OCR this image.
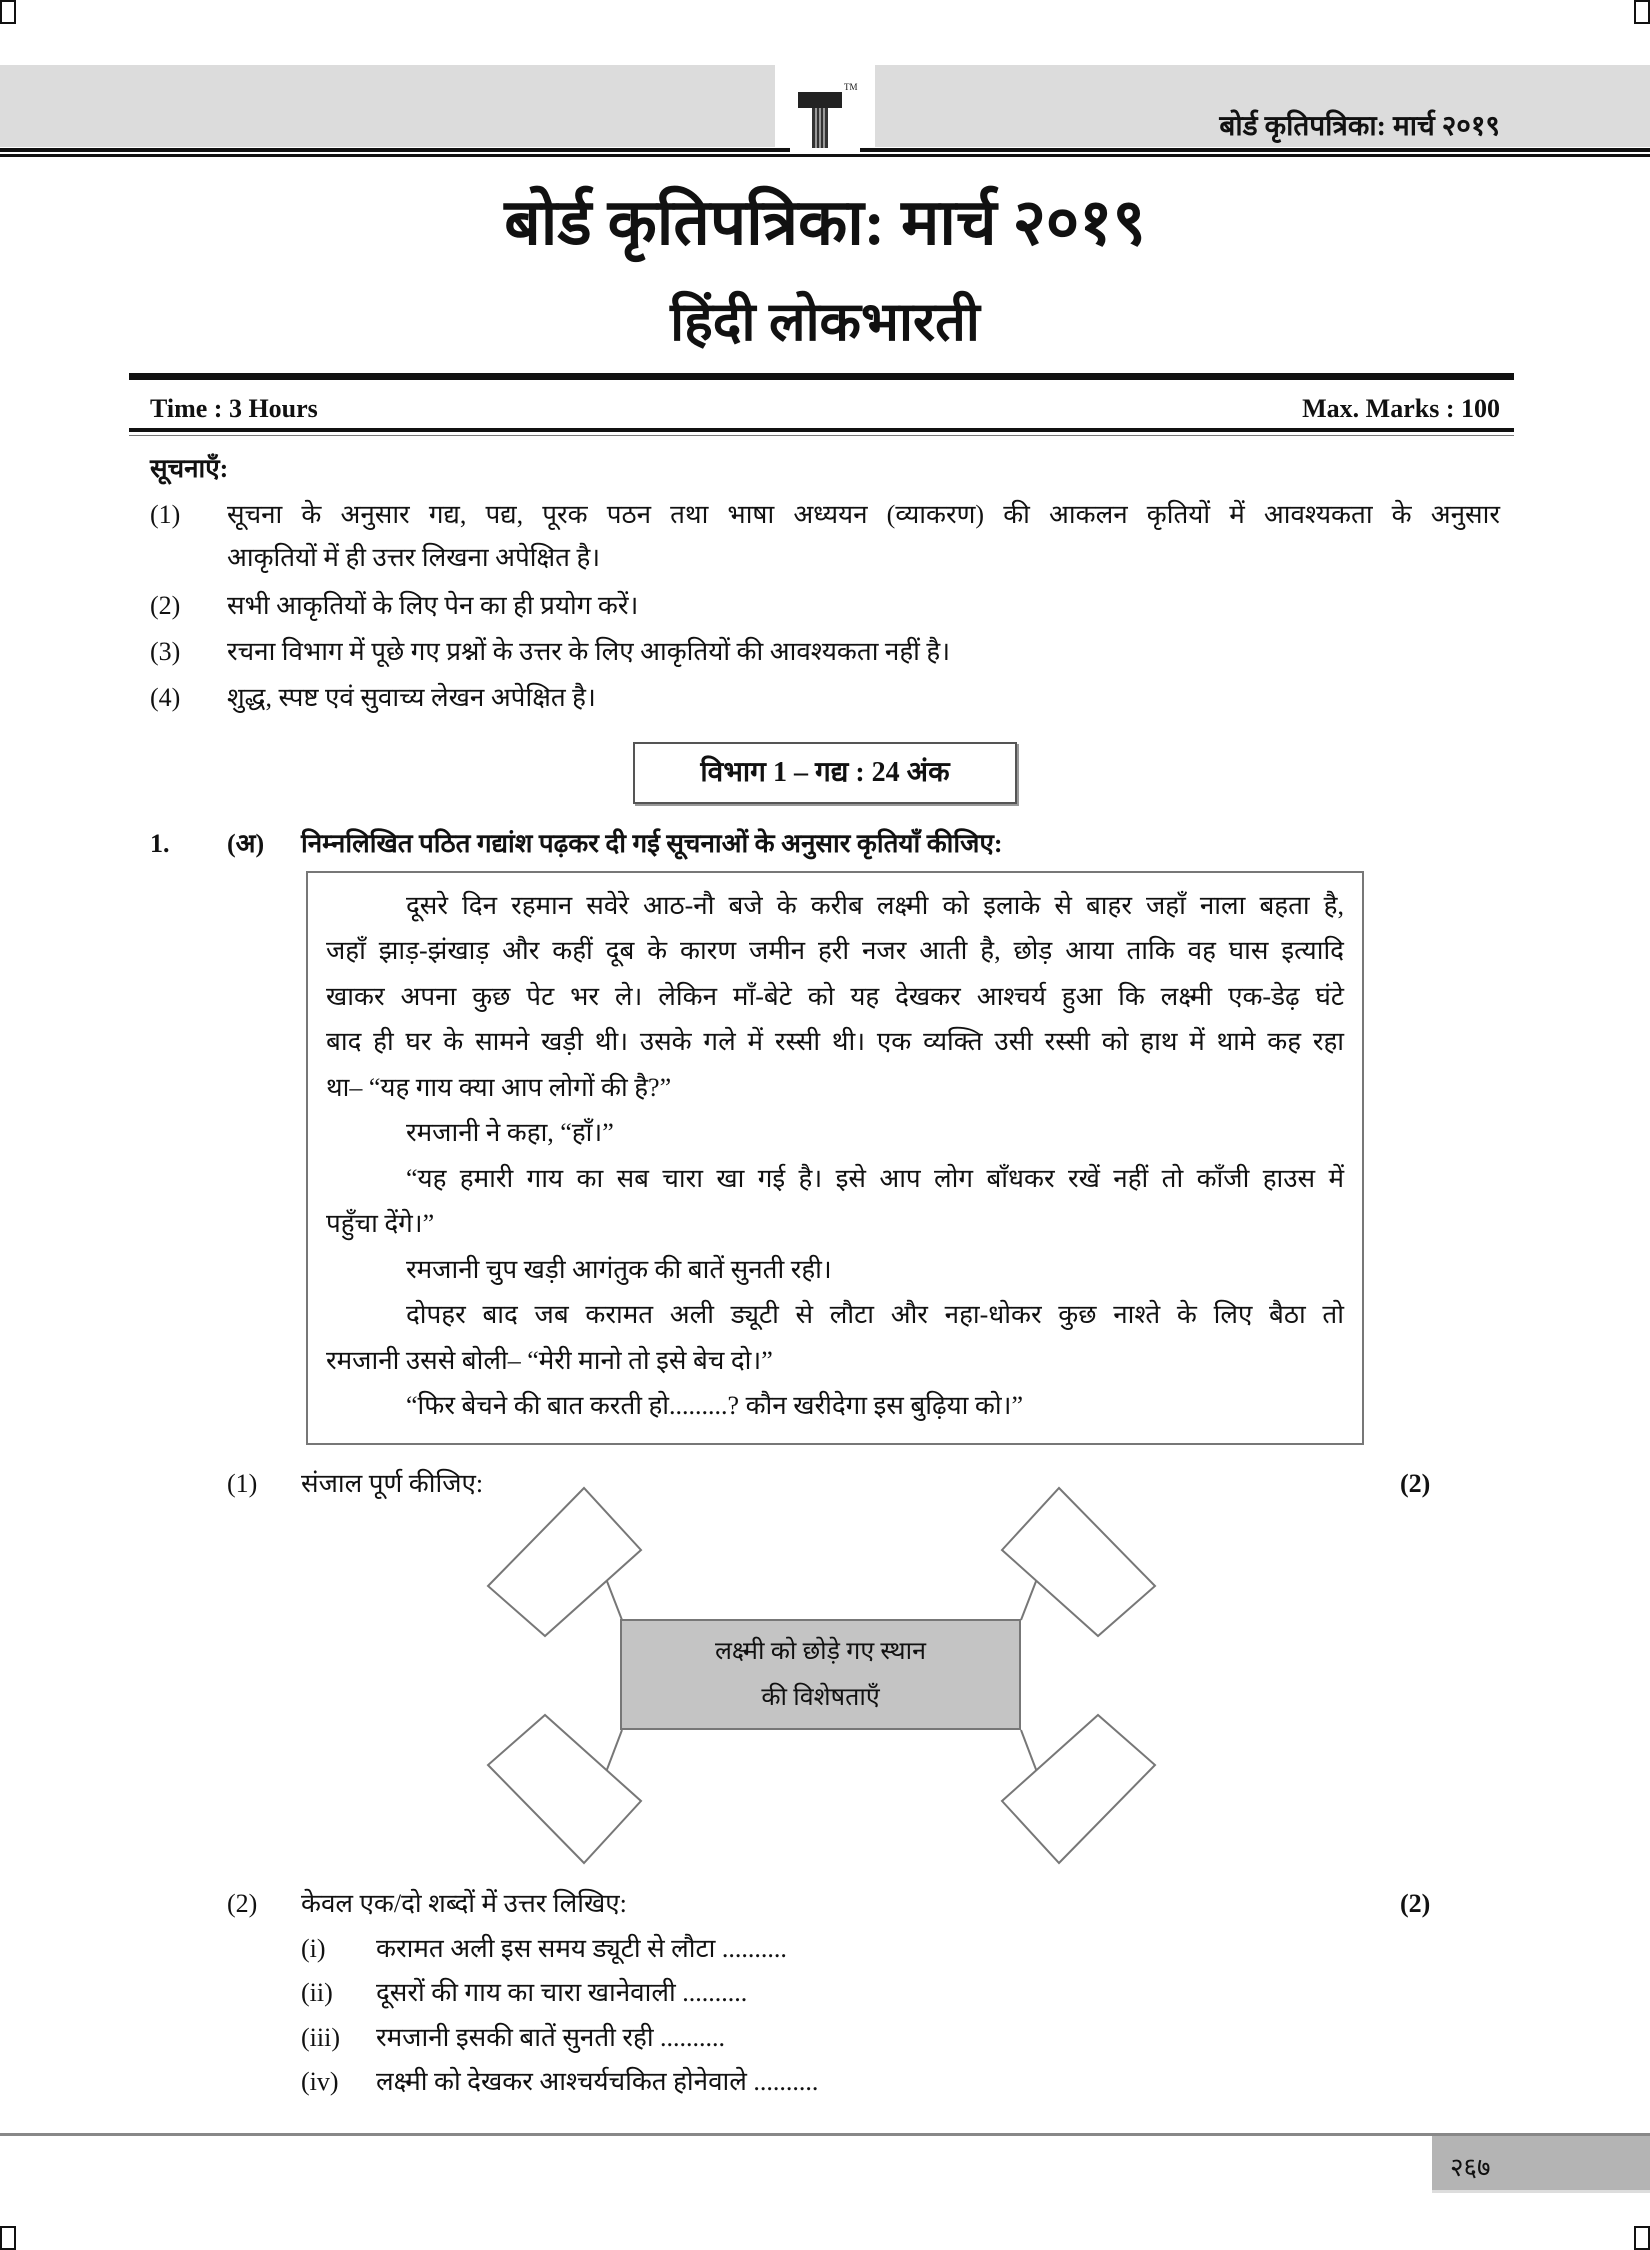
TM
बोर्ड कृतिपत्रिका: मार्च २०१९
बोर्ड कृतिपत्रिका: मार्च २०१९
हिंदी लोकभारती
Time : 3 Hours	Max. Marks : 100
सूचनाएँ:
(1) सूचना के अनुसार गद्य, पद्य, पूरक पठन तथा भाषा अध्ययन (व्याकरण) की आकलन कृतियों में आवश्यकता के अनुसार
आकृतियों में ही उत्तर लिखना अपेक्षित है।
(2) सभी आकृतियों के लिए पेन का ही प्रयोग करें।
(3) रचना विभाग में पूछे गए प्रश्नों के उत्तर के लिए आकृतियों की आवश्यकता नहीं है।
(4) शुद्ध, स्पष्ट एवं सुवाच्य लेखन अपेक्षित है।
विभाग 1 – गद्य : 24 अंक
1. (अ) निम्नलिखित पठित गद्यांश पढ़कर दी गई सूचनाओं के अनुसार कृतियाँ कीजिए:
दूसरे दिन रहमान सवेरे आठ-नौ बजे के करीब लक्ष्मी को इलाके से बाहर जहाँ नाला बहता है,
जहाँ झाड़-झंखाड़ और कहीं दूब के कारण जमीन हरी नजर आती है, छोड़ आया ताकि वह घास इत्यादि
खाकर अपना कुछ पेट भर ले। लेकिन माँ-बेटे को यह देखकर आश्चर्य हुआ कि लक्ष्मी एक-डेढ़ घंटे
बाद ही घर के सामने खड़ी थी। उसके गले में रस्सी थी। एक व्यक्ति उसी रस्सी को हाथ में थामे कह रहा
था– “यह गाय क्या आप लोगों की है?”
रमजानी ने कहा, “हाँ।”
“यह हमारी गाय का सब चारा खा गई है। इसे आप लोग बाँधकर रखें नहीं तो काँजी हाउस में
पहुँचा देंगे।”
रमजानी चुप खड़ी आगंतुक की बातें सुनती रही।
दोपहर बाद जब करामत अली ड्यूटी से लौटा और नहा-धोकर कुछ नाश्ते के लिए बैठा तो
रमजानी उससे बोली– “मेरी मानो तो इसे बेच दो।”
“फिर बेचने की बात करती हो.........? कौन खरीदेगा इस बुढ़िया को।”
(1) संजाल पूर्ण कीजिए:	(2)
लक्ष्मी को छोड़े गए स्थान
की विशेषताएँ
(2) केवल एक/दो शब्दों में उत्तर लिखिए:	(2)
(i) करामत अली इस समय ड्यूटी से लौटा ..........
(ii) दूसरों की गाय का चारा खानेवाली ..........
(iii) रमजानी इसकी बातें सुनती रही ..........
(iv) लक्ष्मी को देखकर आश्चर्यचकित होनेवाले ..........
२६७
